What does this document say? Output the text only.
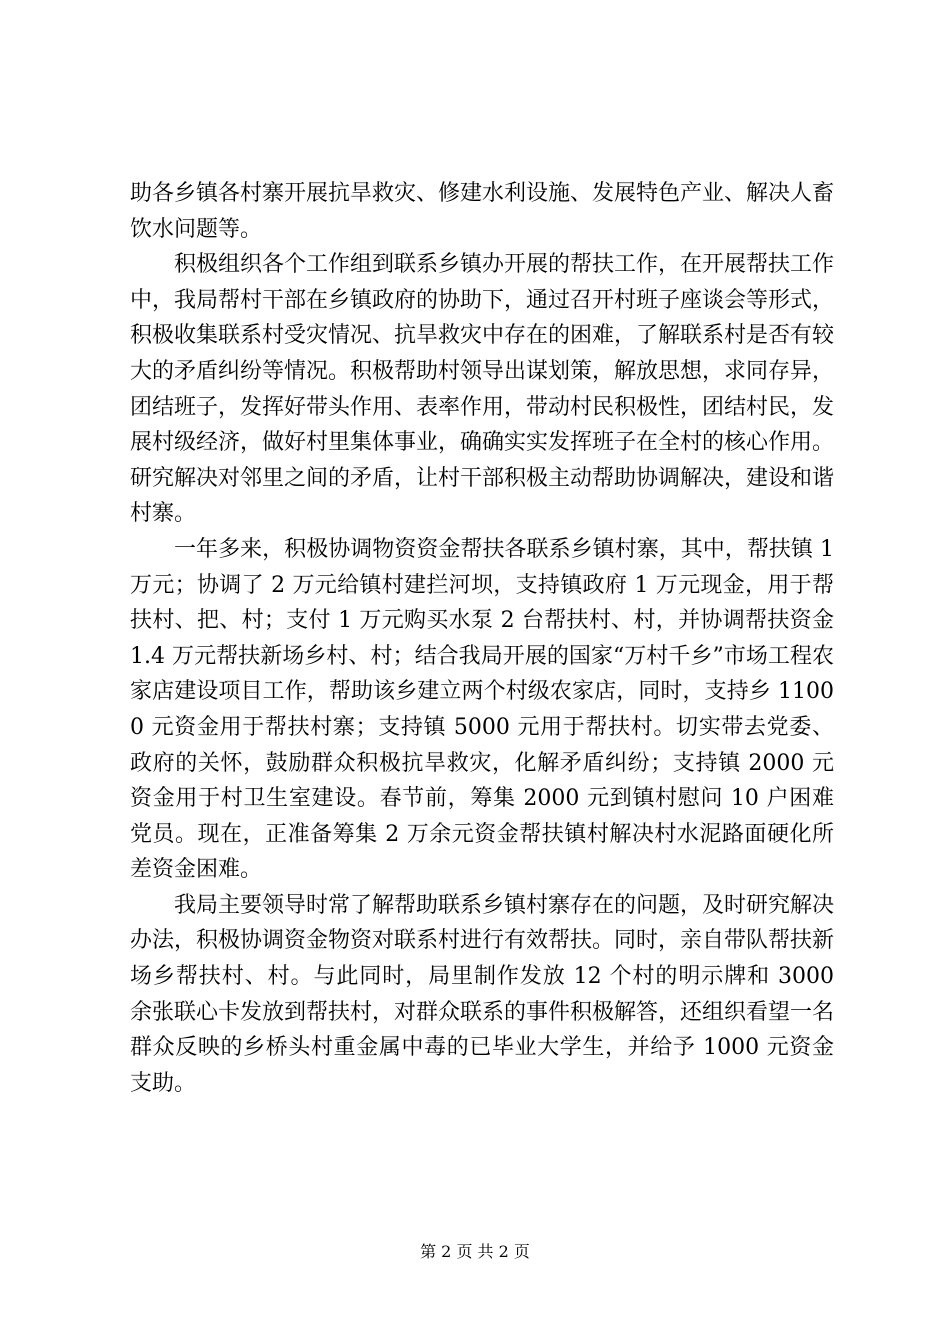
助各乡镇各村寨开展抗旱救灾、修建水利设施、发展特色产业、解决人畜饮水问题等。

积极组织各个工作组到联系乡镇办开展的帮扶工作，在开展帮扶工作中，我局帮村干部在乡镇政府的协助下，通过召开村班子座谈会等形式，积极收集联系村受灾情况、抗旱救灾中存在的困难，了解联系村是否有较大的矛盾纠纷等情况。积极帮助村领导出谋划策，解放思想，求同存异，团结班子，发挥好带头作用、表率作用，带动村民积极性，团结村民，发展村级经济，做好村里集体事业，确确实实发挥班子在全村的核心作用。研究解决对邻里之间的矛盾，让村干部积极主动帮助协调解决，建设和谐村寨。

一年多来，积极协调物资资金帮扶各联系乡镇村寨，其中，帮扶镇 1 万元；协调了 2 万元给镇村建拦河坝，支持镇政府 1 万元现金，用于帮扶村、把、村；支付 1 万元购买水泵 2 台帮扶村、村，并协调帮扶资金 1.4 万元帮扶新场乡村、村；结合我局开展的国家“万村千乡”市场工程农家店建设项目工作，帮助该乡建立两个村级农家店，同时，支持乡 11000 元资金用于帮扶村寨；支持镇 5000 元用于帮扶村。切实带去党委、政府的关怀，鼓励群众积极抗旱救灾，化解矛盾纠纷；支持镇 2000 元资金用于村卫生室建设。春节前，筹集 2000 元到镇村慰问 10 户困难党员。现在，正准备筹集 2 万余元资金帮扶镇村解决村水泥路面硬化所差资金困难。

我局主要领导时常了解帮助联系乡镇村寨存在的问题，及时研究解决办法，积极协调资金物资对联系村进行有效帮扶。同时，亲自带队帮扶新场乡帮扶村、村。与此同时，局里制作发放 12 个村的明示牌和 3000 余张联心卡发放到帮扶村，对群众联系的事件积极解答，还组织看望一名群众反映的乡桥头村重金属中毒的已毕业大学生，并给予 1000 元资金支助。

第 2 页 共 2 页
